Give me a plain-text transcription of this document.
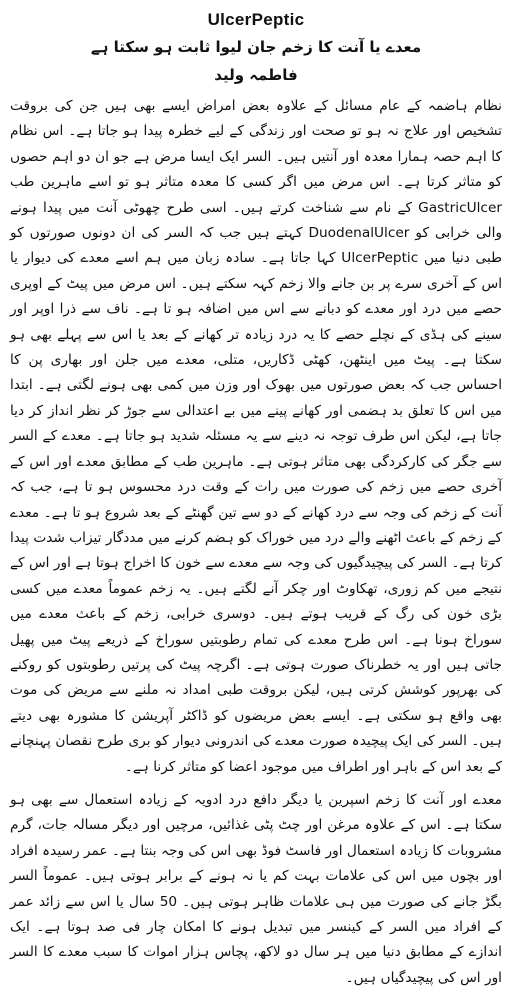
UlcerPeptic
معدے یا آنت کا زخم جان لیوا ثابت ہو سکتا ہے
فاطمہ ولید

نظام ہاضمہ کے عام مسائل کے علاوہ بعض امراض ایسے بھی ہیں جن کی بروقت تشخیص اور علاج نہ ہو تو صحت اور زندگی کے لیے خطرہ پیدا ہو جاتا ہے۔ اس نظام کا اہم حصہ ہمارا معدہ اور آنتیں ہیں۔ السر ایک ایسا مرض ہے جو ان دو اہم حصوں کو متاثر کرتا ہے۔ اس مرض میں اگر کسی کا معدہ متاثر ہو تو اسے ماہرین طب GastricUlcer کے نام سے شناخت کرتے ہیں۔ اسی طرح چھوٹی آنت میں پیدا ہونے والی خرابی کو DuodenalUlcer کہتے ہیں جب کہ السر کی ان دونوں صورتوں کو طبی دنیا میں UlcerPeptic کہا جاتا ہے۔ سادہ زبان میں ہم اسے معدے کی دیوار یا اس کے آخری سرے پر بن جانے والا زخم کہہ سکتے ہیں۔ اس مرض میں پیٹ کے اوپری حصے میں درد اور معدے کو دبانے سے اس میں اضافہ ہو تا ہے۔ ناف سے ذرا اوپر اور سینے کی ہڈی کے نچلے حصے کا یہ درد زیادہ تر کھانے کے بعد یا اس سے پہلے بھی ہو سکتا ہے۔ پیٹ میں اینٹھن، کھٹی ڈکاریں، متلی، معدے میں جلن اور بھاری پن کا احساس جب کہ بعض صورتوں میں بھوک اور وزن میں کمی بھی ہونے لگتی ہے۔ ابتدا میں اس کا تعلق بد ہضمی اور کھانے پینے میں بے اعتدالی سے جوڑ کر نظر انداز کر دیا جاتا ہے، لیکن اس طرف توجہ نہ دینے سے یہ مسئلہ شدید ہو جاتا ہے۔ معدے کے السر سے جگر کی کارکردگی بھی متاثر ہوتی ہے۔ ماہرین طب کے مطابق معدے اور اس کے آخری حصے میں زخم کی صورت میں رات کے وقت درد محسوس ہو تا ہے، جب کہ آنت کے زخم کی وجہ سے درد کھانے کے دو سے تین گھنٹے کے بعد شروع ہو تا ہے۔ معدے کے زخم کے باعث اٹھنے والے درد میں خوراک کو ہضم کرنے میں مددگار تیزاب شدت پیدا کرتا ہے۔ السر کی پیچیدگیوں کی وجہ سے معدے سے خون کا اخراج ہوتا ہے اور اس کے نتیجے میں کم زوری، تھکاوٹ اور چکر آنے لگتے ہیں۔ یہ زخم عموماً معدے میں کسی بڑی خون کی رگ کے قریب ہوتے ہیں۔ دوسری خرابی، زخم کے باعث معدے میں سوراخ ہونا ہے۔ اس طرح معدے کی تمام رطوبتیں سوراخ کے ذریعے پیٹ میں پھیل جاتی ہیں اور یہ خطرناک صورت ہوتی ہے۔ اگرچہ پیٹ کی پرتیں رطوبتوں کو روکنے کی بھرپور کوشش کرتی ہیں، لیکن بروقت طبی امداد نہ ملنے سے مریض کی موت بھی واقع ہو سکتی ہے۔ ایسے بعض مریضوں کو ڈاکٹر آپریشن کا مشورہ بھی دیتے ہیں۔ السر کی ایک پیچیدہ صورت معدے کی اندرونی دیوار کو بری طرح نقصان پہنچانے کے بعد اس کے باہر اور اطراف میں موجود اعضا کو متاثر کرنا ہے۔

معدے اور آنت کا زخم اسپرین یا دیگر دافع درد ادویہ کے زیادہ استعمال سے بھی ہو سکتا ہے۔ اس کے علاوہ مرغن اور چٹ پٹی غذائیں، مرچیں اور دیگر مسالہ جات، گرم مشروبات کا زیادہ استعمال اور فاسٹ فوڈ بھی اس کی وجہ بنتا ہے۔ عمر رسیدہ افراد اور بچوں میں اس کی علامات بہت کم یا نہ ہونے کے برابر ہوتی ہیں۔ عموماً السر بگڑ جانے کی صورت میں ہی علامات ظاہر ہوتی ہیں۔ 50 سال یا اس سے زائد عمر کے افراد میں السر کے کینسر میں تبدیل ہونے کا امکان چار فی صد ہوتا ہے۔ ایک اندازے کے مطابق دنیا میں ہر سال دو لاکھ، پچاس ہزار اموات کا سبب معدے کا السر اور اس کی پیچیدگیاں ہیں۔
